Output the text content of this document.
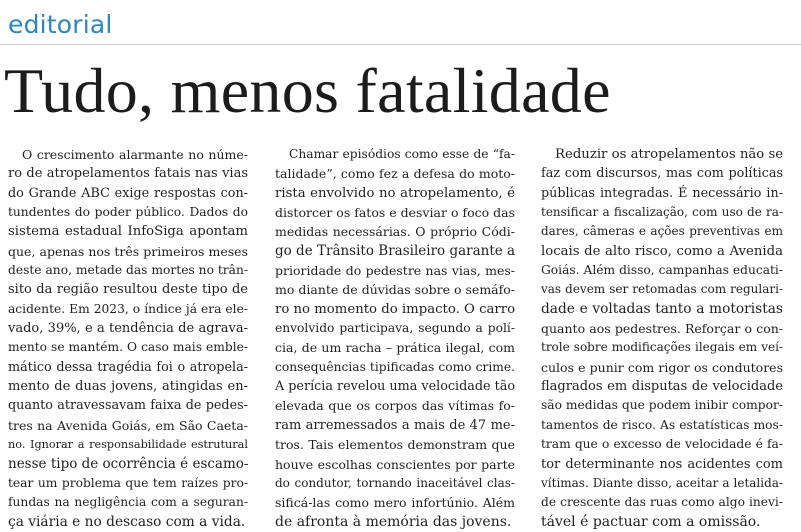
editorial
Tudo, menos fatalidade
O crescimento alarmante no núme-
ro de atropelamentos fatais nas vias
do Grande ABC exige respostas con-
tundentes do poder público. Dados do
sistema estadual InfoSiga apontam
que, apenas nos três primeiros meses
deste ano, metade das mortes no trân-
sito da região resultou deste tipo de
acidente. Em 2023, o índice já era ele-
vado, 39%, e a tendência de agrava-
mento se mantém. O caso mais emble-
mático dessa tragédia foi o atropela-
mento de duas jovens, atingidas en-
quanto atravessavam faixa de pedes-
tres na Avenida Goiás, em São Caeta-
no. Ignorar a responsabilidade estrutural
nesse tipo de ocorrência é escamo-
tear um problema que tem raízes pro-
fundas na negligência com a seguran-
ça viária e no descaso com a vida.
Chamar episódios como esse de “fa-
talidade”, como fez a defesa do moto-
rista envolvido no atropelamento, é
distorcer os fatos e desviar o foco das
medidas necessárias. O próprio Códi-
go de Trânsito Brasileiro garante a
prioridade do pedestre nas vias, mes-
mo diante de dúvidas sobre o semáfo-
ro no momento do impacto. O carro
envolvido participava, segundo a polí-
cia, de um racha – prática ilegal, com
consequências tipificadas como crime.
A perícia revelou uma velocidade tão
elevada que os corpos das vítimas fo-
ram arremessados a mais de 47 me-
tros. Tais elementos demonstram que
houve escolhas conscientes por parte
do condutor, tornando inaceitável clas-
sificá-las como mero infortúnio. Além
de afronta à memória das jovens.
Reduzir os atropelamentos não se
faz com discursos, mas com políticas
públicas integradas. É necessário in-
tensificar a fiscalização, com uso de ra-
dares, câmeras e ações preventivas em
locais de alto risco, como a Avenida
Goiás. Além disso, campanhas educati-
vas devem ser retomadas com regulari-
dade e voltadas tanto a motoristas
quanto aos pedestres. Reforçar o con-
trole sobre modificações ilegais em veí-
culos e punir com rigor os condutores
flagrados em disputas de velocidade
são medidas que podem inibir compor-
tamentos de risco. As estatísticas mos-
tram que o excesso de velocidade é fa-
tor determinante nos acidentes com
vítimas. Diante disso, aceitar a letalida-
de crescente das ruas como algo inevi-
tável é pactuar com a omissão.
